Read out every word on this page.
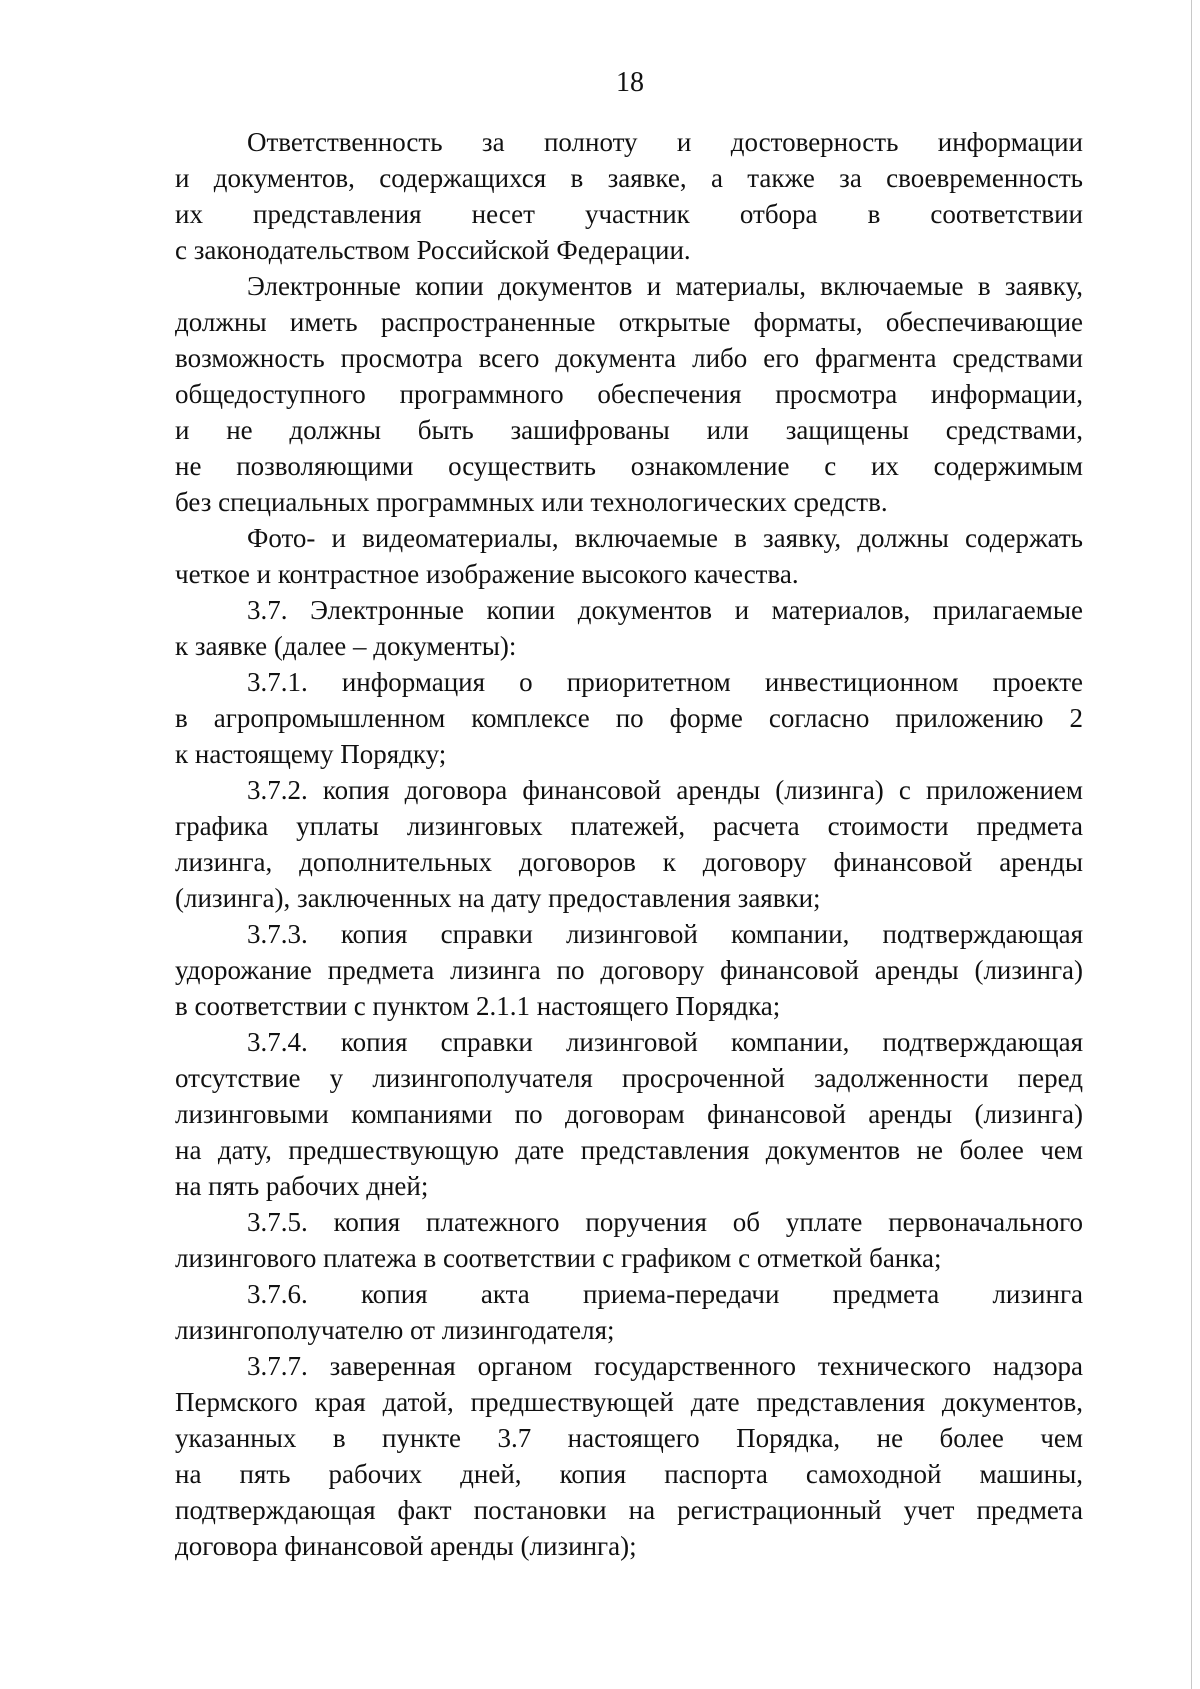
18
Ответственность за полноту и достоверность информации
и документов, содержащихся в заявке, а также за своевременность
их представления несет участник отбора в соответствии
с законодательством Российской Федерации.
Электронные копии документов и материалы, включаемые в заявку,
должны иметь распространенные открытые форматы, обеспечивающие
возможность просмотра всего документа либо его фрагмента средствами
общедоступного программного обеспечения просмотра информации,
и не должны быть зашифрованы или защищены средствами,
не позволяющими осуществить ознакомление с их содержимым
без специальных программных или технологических средств.
Фото- и видеоматериалы, включаемые в заявку, должны содержать
четкое и контрастное изображение высокого качества.
3.7. Электронные копии документов и материалов, прилагаемые
к заявке (далее – документы):
3.7.1. информация о приоритетном инвестиционном проекте
в агропромышленном комплексе по форме согласно приложению 2
к настоящему Порядку;
3.7.2. копия договора финансовой аренды (лизинга) с приложением
графика уплаты лизинговых платежей, расчета стоимости предмета
лизинга, дополнительных договоров к договору финансовой аренды
(лизинга), заключенных на дату предоставления заявки;
3.7.3. копия справки лизинговой компании, подтверждающая
удорожание предмета лизинга по договору финансовой аренды (лизинга)
в соответствии с пунктом 2.1.1 настоящего Порядка;
3.7.4. копия справки лизинговой компании, подтверждающая
отсутствие у лизингополучателя просроченной задолженности перед
лизинговыми компаниями по договорам финансовой аренды (лизинга)
на дату, предшествующую дате представления документов не более чем
на пять рабочих дней;
3.7.5. копия платежного поручения об уплате первоначального
лизингового платежа в соответствии с графиком с отметкой банка;
3.7.6. копия акта приема-передачи предмета лизинга
лизингополучателю от лизингодателя;
3.7.7. заверенная органом государственного технического надзора
Пермского края датой, предшествующей дате представления документов,
указанных в пункте 3.7 настоящего Порядка, не более чем
на пять рабочих дней, копия паспорта самоходной машины,
подтверждающая факт постановки на регистрационный учет предмета
договора финансовой аренды (лизинга);
